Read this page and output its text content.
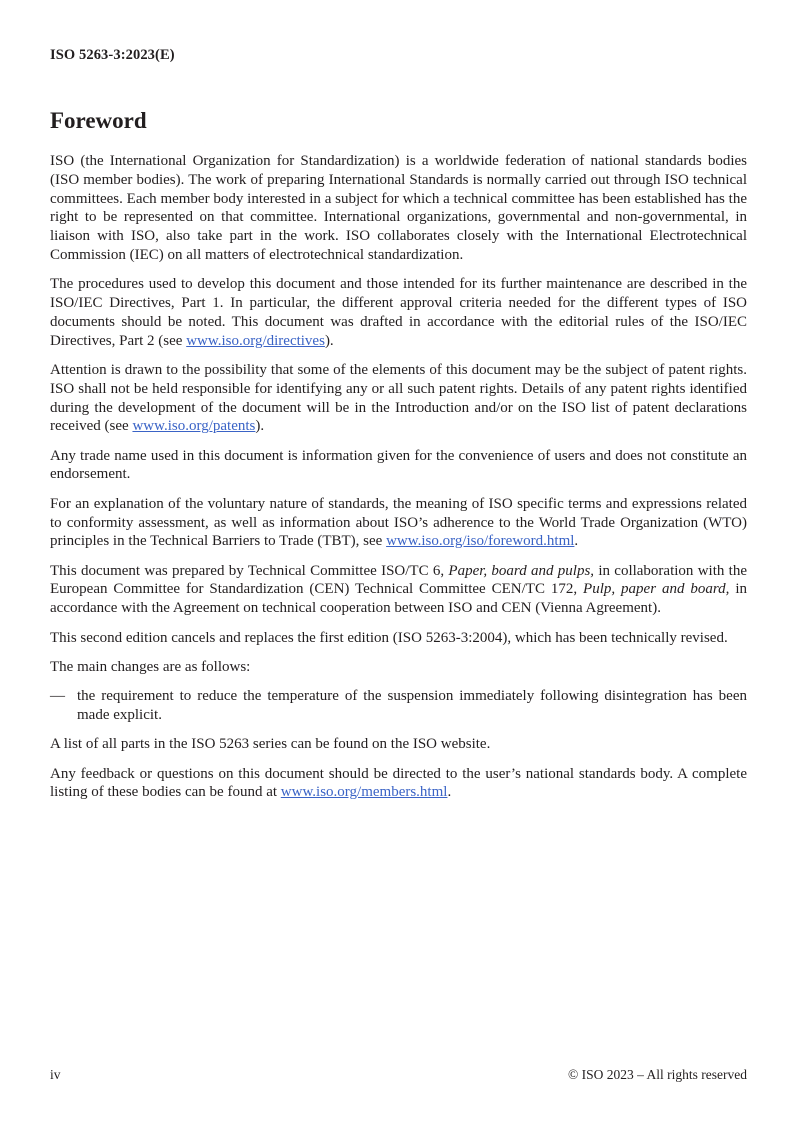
ISO 5263-3:2023(E)
Foreword

ISO (the International Organization for Standardization) is a worldwide federation of national standards bodies (ISO member bodies). The work of preparing International Standards is normally carried out through ISO technical committees. Each member body interested in a subject for which a technical committee has been established has the right to be represented on that committee. International organizations, governmental and non-governmental, in liaison with ISO, also take part in the work. ISO collaborates closely with the International Electrotechnical Commission (IEC) on all matters of electrotechnical standardization.

The procedures used to develop this document and those intended for its further maintenance are described in the ISO/IEC Directives, Part 1. In particular, the different approval criteria needed for the different types of ISO documents should be noted. This document was drafted in accordance with the editorial rules of the ISO/IEC Directives, Part 2 (see www.iso.org/directives).

Attention is drawn to the possibility that some of the elements of this document may be the subject of patent rights. ISO shall not be held responsible for identifying any or all such patent rights. Details of any patent rights identified during the development of the document will be in the Introduction and/or on the ISO list of patent declarations received (see www.iso.org/patents).

Any trade name used in this document is information given for the convenience of users and does not constitute an endorsement.

For an explanation of the voluntary nature of standards, the meaning of ISO specific terms and expressions related to conformity assessment, as well as information about ISO’s adherence to the World Trade Organization (WTO) principles in the Technical Barriers to Trade (TBT), see www.iso.org/iso/foreword.html.

This document was prepared by Technical Committee ISO/TC 6, Paper, board and pulps, in collaboration with the European Committee for Standardization (CEN) Technical Committee CEN/TC 172, Pulp, paper and board, in accordance with the Agreement on technical cooperation between ISO and CEN (Vienna Agreement).

This second edition cancels and replaces the first edition (ISO 5263-3:2004), which has been technically revised.

The main changes are as follows:

— the requirement to reduce the temperature of the suspension immediately following disintegration has been made explicit.

A list of all parts in the ISO 5263 series can be found on the ISO website.

Any feedback or questions on this document should be directed to the user’s national standards body. A complete listing of these bodies can be found at www.iso.org/members.html.

iv	© ISO 2023 – All rights reserved
